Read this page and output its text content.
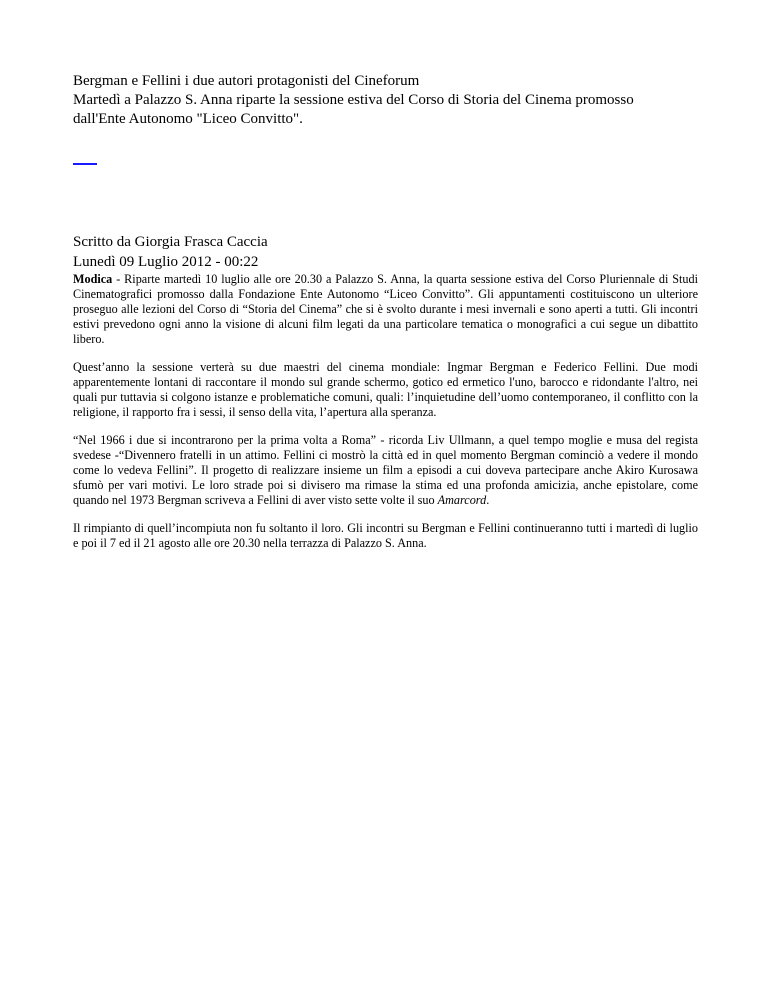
Bergman e Fellini i due autori protagonisti del Cineforum
Martedì a Palazzo S. Anna riparte la sessione estiva del Corso di Storia del Cinema promosso
dall'Ente Autonomo "Liceo Convitto".
Scritto da Giorgia Frasca Caccia
Lunedì 09 Luglio 2012 - 00:22

Modica - Riparte martedì 10 luglio alle ore 20.30 a Palazzo S. Anna, la quarta sessione estiva del Corso Pluriennale di Studi Cinematografici promosso dalla Fondazione Ente Autonomo “Liceo Convitto”. Gli appuntamenti costituiscono un ulteriore proseguo alle lezioni del Corso di “Storia del Cinema” che si è svolto durante i mesi invernali e sono aperti a tutti. Gli incontri estivi prevedono ogni anno la visione di alcuni film legati da una particolare tematica o monografici a cui segue un dibattito libero.

Quest’anno la sessione verterà su due maestri del cinema mondiale: Ingmar Bergman e Federico Fellini. Due modi apparentemente lontani di raccontare il mondo sul grande schermo, gotico ed ermetico l'uno, barocco e ridondante l'altro, nei quali pur tuttavia si colgono istanze e problematiche comuni, quali: l’inquietudine dell’uomo contemporaneo, il conflitto con la religione, il rapporto fra i sessi, il senso della vita, l’apertura alla speranza.

“Nel 1966 i due si incontrarono per la prima volta a Roma” - ricorda Liv Ullmann, a quel tempo moglie e musa del regista svedese -“Divennero fratelli in un attimo. Fellini ci mostrò la città ed in quel momento Bergman cominciò a vedere il mondo come lo vedeva Fellini”. Il progetto di realizzare insieme un film a episodi a cui doveva partecipare anche Akiro Kurosawa sfumò per vari motivi. Le loro strade poi si divisero ma rimase la stima ed una profonda amicizia, anche epistolare, come quando nel 1973 Bergman scriveva a Fellini di aver visto sette volte il suo Amarcord.

Il rimpianto di quell’incompiuta non fu soltanto il loro. Gli incontri su Bergman e Fellini continueranno tutti i martedì di luglio e poi il 7 ed il 21 agosto alle ore 20.30 nella terrazza di Palazzo S. Anna.
